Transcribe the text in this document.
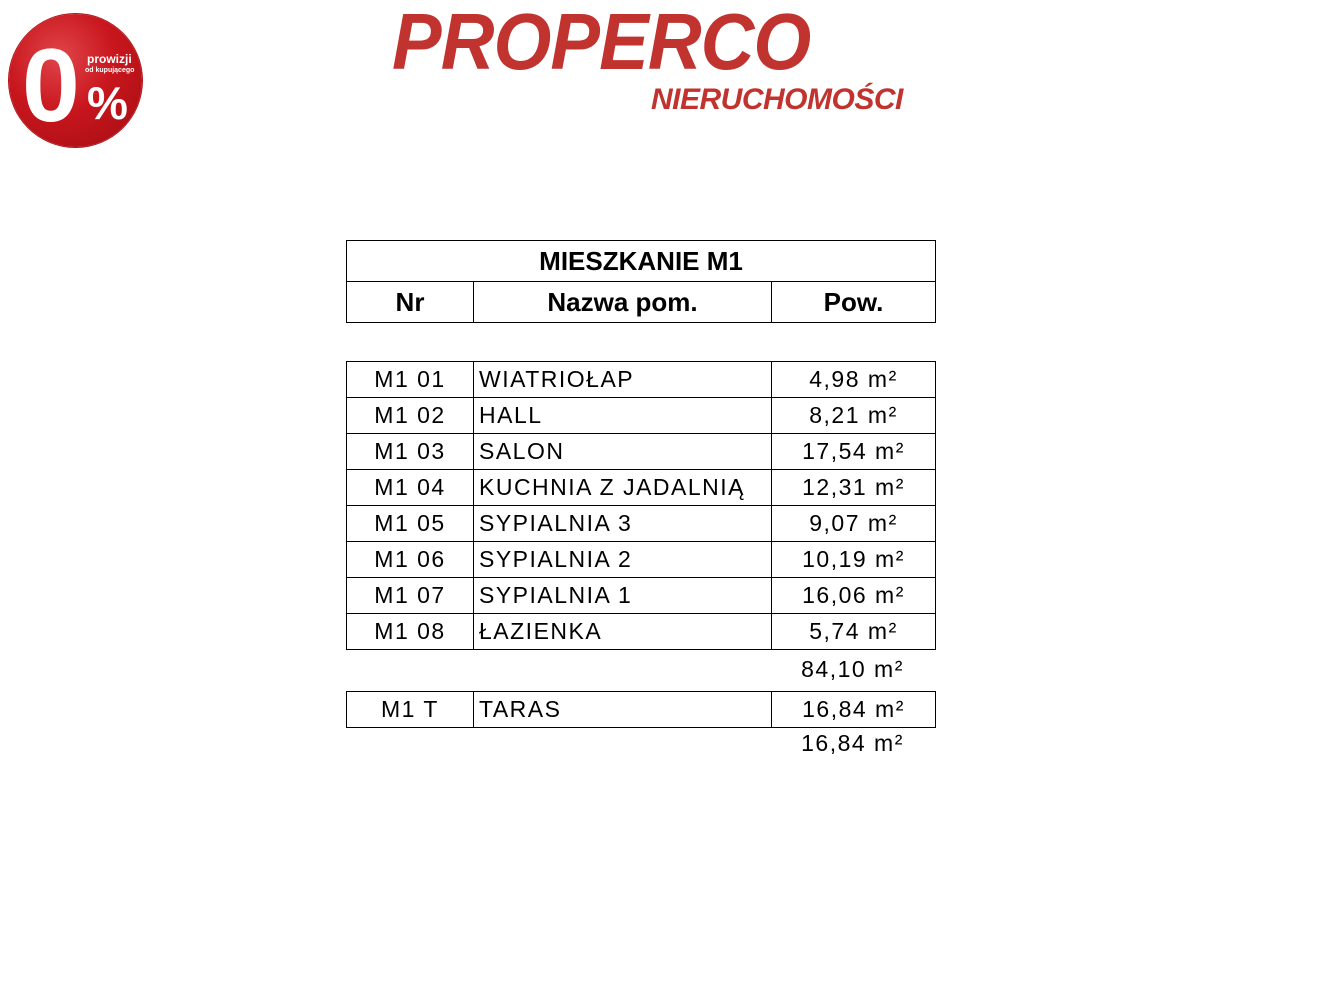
0 prowizji
od kupującego
%
PROPERCO
NIERUCHOMOŚCI
MIESZKANIE M1
Nr	Nazwa pom.	Pow.
M1 01	WIATRIOŁAP	4,98 m²
M1 02	HALL	8,21 m²
M1 03	SALON	17,54 m²
M1 04	KUCHNIA Z JADALNIĄ	12,31 m²
M1 05	SYPIALNIA 3	9,07 m²
M1 06	SYPIALNIA 2	10,19 m²
M1 07	SYPIALNIA 1	16,06 m²
M1 08	ŁAZIENKA	5,74 m²
84,10 m²
M1 T	TARAS	16,84 m²
16,84 m²
